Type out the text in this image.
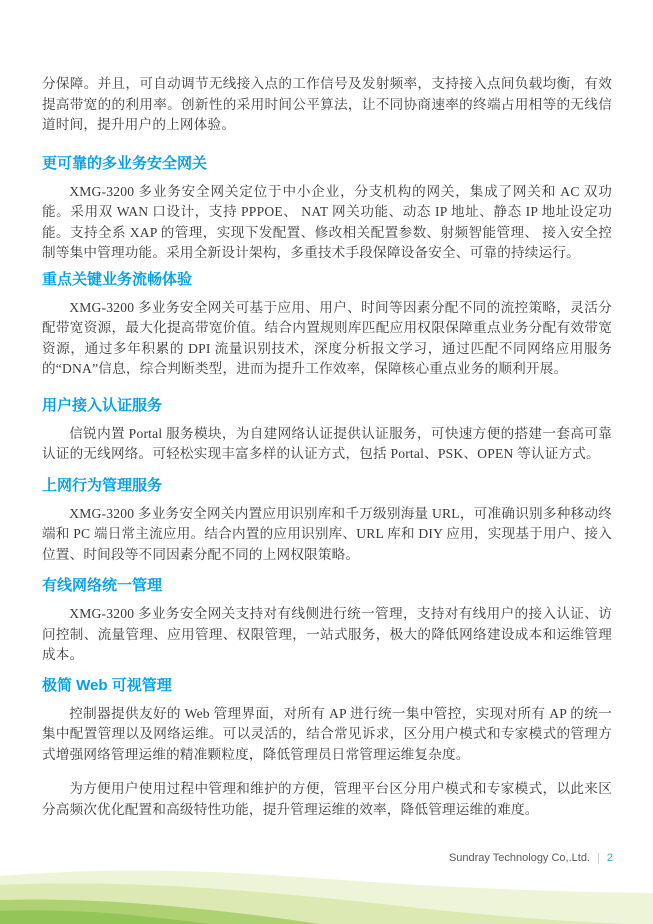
分保障。并且，可自动调节无线接入点的工作信号及发射频率，支持接入点间负载均衡，有效提高带宽的的利用率。创新性的采用时间公平算法，让不同协商速率的终端占用相等的无线信道时间，提升用户的上网体验。

更可靠的多业务安全网关

XMG-3200 多业务安全网关定位于中小企业，分支机构的网关，集成了网关和 AC 双功能。采用双 WAN 口设计，支持 PPPOE、 NAT 网关功能、动态 IP 地址、静态 IP 地址设定功能。支持全系 XAP 的管理，实现下发配置、修改相关配置参数、射频智能管理、 接入安全控制等集中管理功能。采用全新设计架构，多重技术手段保障设备安全、可靠的持续运行。

重点关键业务流畅体验

XMG-3200 多业务安全网关可基于应用、用户、时间等因素分配不同的流控策略，灵活分配带宽资源，最大化提高带宽价值。结合内置规则库匹配应用权限保障重点业务分配有效带宽资源，通过多年积累的 DPI 流量识别技术，深度分析报文学习，通过匹配不同网络应用服务的“DNA”信息，综合判断类型，进而为提升工作效率，保障核心重点业务的顺利开展。

用户接入认证服务

信锐内置 Portal 服务模块，为自建网络认证提供认证服务，可快速方便的搭建一套高可靠认证的无线网络。可轻松实现丰富多样的认证方式，包括 Portal、PSK、OPEN 等认证方式。

上网行为管理服务

XMG-3200 多业务安全网关内置应用识别库和千万级别海量 URL，可准确识别多种移动终端和 PC 端日常主流应用。结合内置的应用识别库、URL 库和 DIY 应用，实现基于用户、接入位置、时间段等不同因素分配不同的上网权限策略。

有线网络统一管理

XMG-3200 多业务安全网关支持对有线侧进行统一管理，支持对有线用户的接入认证、访问控制、流量管理、应用管理、权限管理，一站式服务，极大的降低网络建设成本和运维管理成本。

极简 Web 可视管理

控制器提供友好的 Web 管理界面，对所有 AP 进行统一集中管控，实现对所有 AP 的统一集中配置管理以及网络运维。可以灵活的，结合常见诉求，区分用户模式和专家模式的管理方式增强网络管理运维的精准颗粒度，降低管理员日常管理运维复杂度。

为方便用户使用过程中管理和维护的方便，管理平台区分用户模式和专家模式，以此来区分高频次优化配置和高级特性功能，提升管理运维的效率，降低管理运维的难度。

Sundray Technology Co,.Ltd. | 2
